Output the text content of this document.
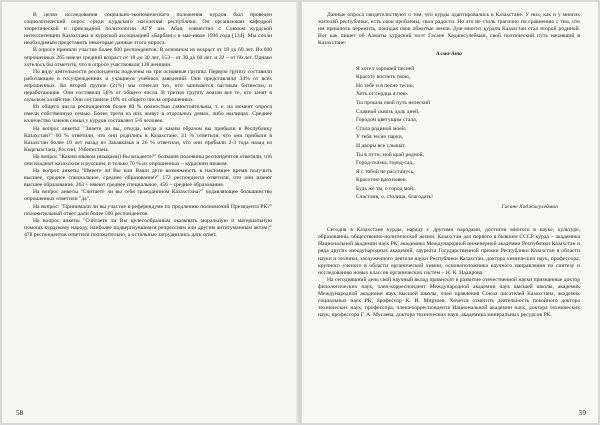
В целях исследования социально-экономического положения курдов был проведен социологический опрос среди курдского населения республики. Он организован кафедрой теоретической и прикладной политологии АГУ им. Абая, совместно с Союзом курдской интеллигенции Казахстана и курдской ассоциацией «Барбанг» в мае-июле 1996 года [134]. Мы сочли необходимым представить некоторые данные этого опроса.

В опросе приняли участие более 600 респондентов. В основном их возраст от 18 до 60 лет. Из 600 опрошенных 265 имели средний возраст от 18 до 30 лет, 153 – от 30 до 60 лет, и 22 – от 60 лет. Однако хотелось бы отметить, что в опросе участвовали 138 женщин.

По виду деятельности респонденты поделены на три основные группы. Первую группу составили работающие в госучреждениях и учащиеся учебных заведений. Они представляли 34% от всех опрошенных. Ко второй группе (21%) мы отнесли тех, кто занимается частным бизнесом, и неработающие. Они составили 56% от общего числа. В третью группу вошли все те, кто занят в сельском хозяйстве. Они составили 10% от общего числа опрошенных.

Из общего числа респондентов более 80 % полностью самостоятельны, т. е. на момент опроса имели собственную семью. Более трети из них живут в отдельных домах, либо жилищах. Среднее количество членов семьи у курдов составляет 5-6 человек.

На вопрос анкеты: "Знаете ли вы, откуда, когда и каким образом вы прибыли в Республику Казахстан?" 60 % ответили, что они родились в Казахстане, 31 % ответили, что они прибыли в Казахстан более 10 лет назад из Закавказья и 26 % ответили, что они прибыли 2-3 года назад из Кыргызстана, России, Узбекистана.

На вопрос "Каким языком (языками) Вы владеете?" большие половины респондентов ответили, что они владеют казахским и русским, и только 70 % из опрошенных – курдским языком.

На вопрос анкеты "Имеете ли Вы или Ваши дети возможность в настоящее время получить высшее, среднее специальное, среднее образование?" 172 респондента ответили, что они имеют высшее образование, 263 – имеют среднее специальное, 456 – среднее образование.

На вопрос анкеты "Считаете ли вы себя гражданином Казахстана?" подавляющее большинство опрошенных ответили "да".

На вопрос: "Принимали ли вы участие в референдуме по продлению полномочий Президента РК?" положительный ответ дали более 500 респондентов.

На вопрос анкеты "Считаете ли Вы целесообразным оказывать моральную и материальную помощь курдскому народу, наиболее подвергнувшимся репрессиям или другим антигуманным актам?" 478 респондентов ответили положительно, а остальные затруднились дать ответ.

58

Данные опроса свидетельствуют о том, что курды адаптировались в Казахстане. У них, как и у многих жителей республики, есть свои проблемы, свои радости. Но это не столь трагично по сравнению с тем, что им пришлось пережить, покидая свои обжитые земли. Для многих курдов Казахстан стал второй родиной. Вот как пишет об Алматы курдский поэт Гасане Хаджисулейман, свой поэтический путь начавший в Казахстане:

Алма-Ата
Я хотел хорошей песней
Красоту воспеть твою,
Но тебе и в песне тесно,
Хоть от сердца я пою.
Ты прошла свой путь нелегкий
Славной сквозь даль дней,
Городом цветущим стала,
Стала родиной моей.
У тебя тесно парки,
И дворы все слышат,
Ты в пути, мой край родной,
Город-сказка, город-сад,
Я с тобой не расстанусь,
Красотою вдохновен.
Будь же ты, о город мой,
Счастлив, о, столица, благодать!
Гасане Хаджисулейман

Сегодня в Казахстане курды, наряду с другими народами, достигли многого в науке, культуре, образовании, общественно-политической жизни. Казахстан дал первого в бывшем СССР курда – академика Национальной академии наук РК, академика Международной инженерной академии Республики Казахстан и ряда других международных академий, лауреата Государственной премии Республики Казахстан в области науки и техники, заслуженного деятеля науки Республики Казахстан, доктора химических наук, профессора, крупного ученого в области органической химии, основоположника научного направления по синтезу и исследованию новых классов органических систем – Н. К. Надирова.

На сегодняшний день свой научный вклад привносят в развитие отечественной науки признанные доктор филологических наук, член-корреспондент Международной академии наук высшей школы, академик Международной академии наук высшей школы, член правления Союза писателей Казахстана, академик социальных наук РК, профессор К. И. Мирзоев. Хочется отметить деятельность покойного доктора технических наук, профессора, члена-корреспондента Национальной академии наук, доктора технических наук, профессора Г. А. Мусаева, доктора технических наук, академика минеральных ресурсов РК.

59
